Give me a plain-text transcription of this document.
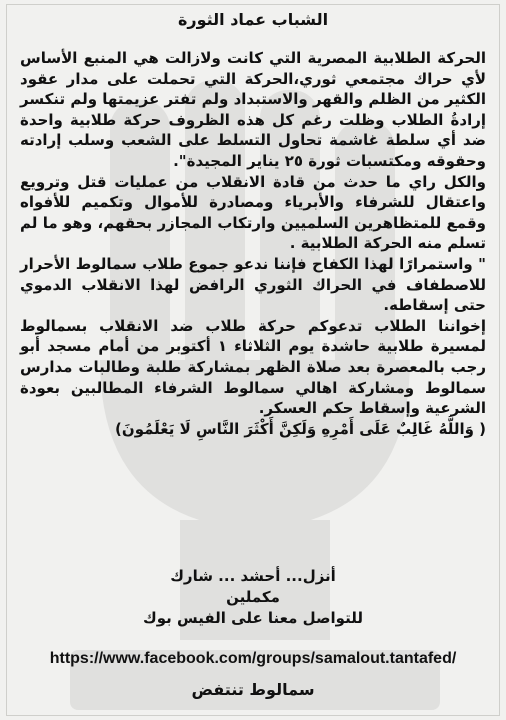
الشباب عماد الثورة

الحركة الطلابية المصرية التي كانت ولازالت هي المنبع الأساس لأي حراك مجتمعي ثوري،الحركة التي تحملت على مدار عقود الكثير من الظلم والقهر والاستبداد ولم تفتر عزيمتها ولم تنكسر إرادةُ الطلاب وظلت رغم كل هذه الظروف حركة طلابية واحدة ضد أي سلطة غاشمة تحاول التسلط على الشعب وسلب إرادته وحقوقه ومكتسبات ثورة ٢٥ يناير المجيدة".

والكل راي ما حدث من قادة الانقلاب من عمليات قتل وترويع واعتقال للشرفاء والأبرياء ومصادرة للأموال وتكميم للأفواه وقمع للمتظاهرين السلميين وارتكاب المجازر بحقهم، وهو ما لم تسلم منه الحركة الطلابية .

" واستمرارًا لهذا الكفاح فإننا ندعو جموع طلاب سمالوط الأحرار للاصطفاف في الحراك الثوري الرافض لهذا الانقلاب الدموي حتى إسقاطه.

إخواننا الطلاب تدعوكم حركة طلاب ضد الانقلاب بسمالوط لمسيرة طلابية حاشدة يوم الثلاثاء ١ أكتوبر من أمام مسجد أبو رجب بالمعصرة بعد صلاة الظهر بمشاركة طلبة وطالبات مدارس سمالوط ومشاركة اهالي سمالوط الشرفاء المطالبين بعودة الشرعية وإسقاط حكم العسكر.

( وَاللَّهُ غَالِبٌ عَلَى أَمْرِهِ وَلَكِنَّ أَكْثَرَ النَّاسِ لَا يَعْلَمُونَ)

أنزل... أحشد ... شارك
مكملين
للتواصل معنا على الفيس بوك
https://www.facebook.com/groups/samalout.tantafed/
سمالوط تنتفض
